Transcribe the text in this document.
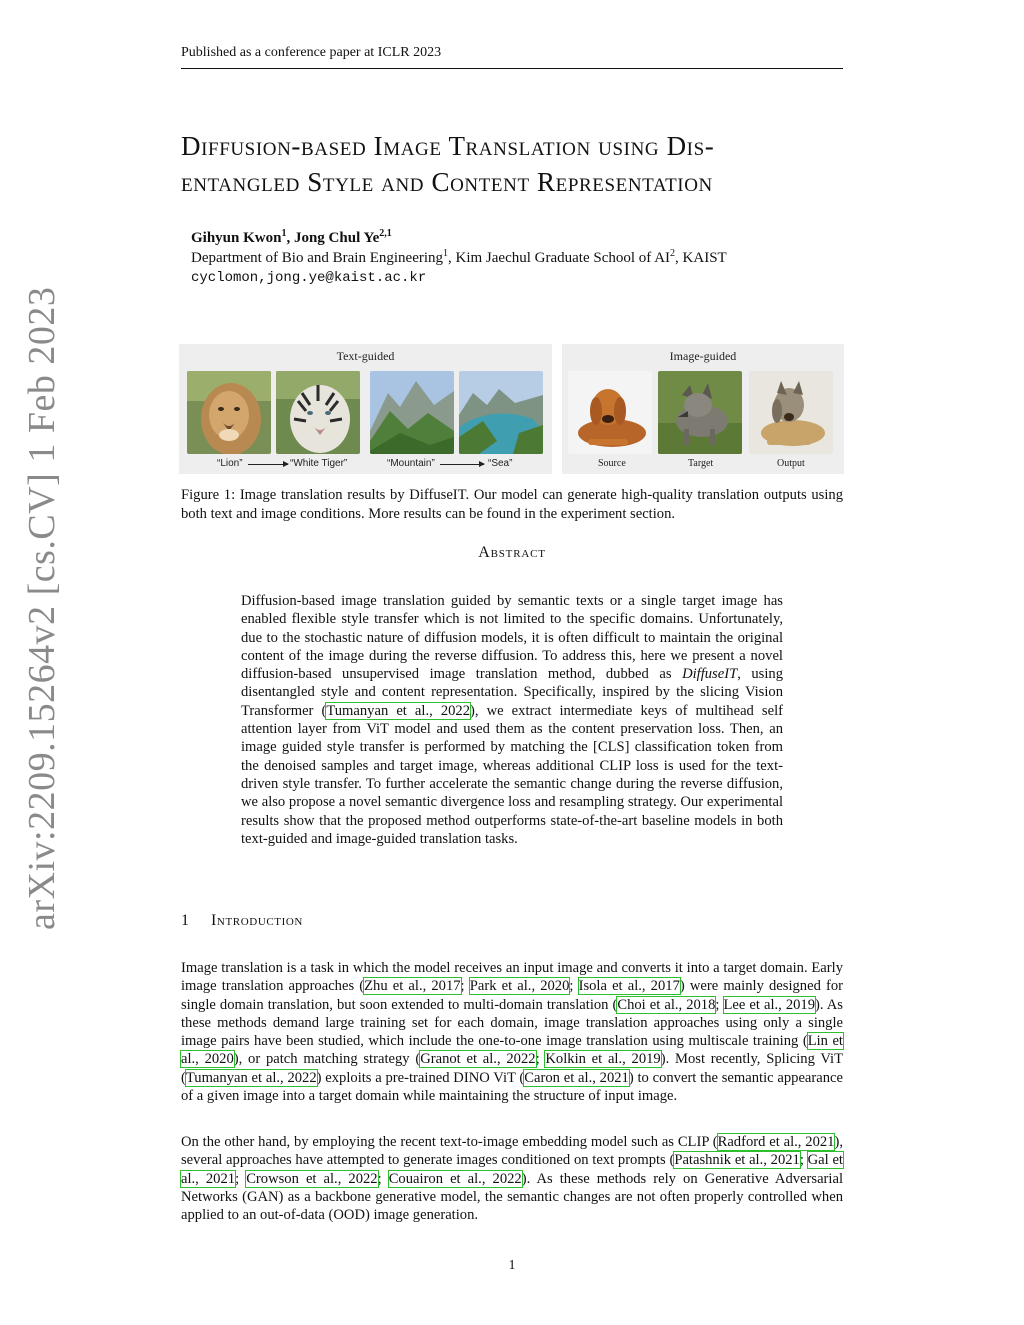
Published as a conference paper at ICLR 2023
arXiv:2209.15264v2 [cs.CV] 1 Feb 2023
Diffusion-based Image Translation using Dis-
entangled Style and Content Representation
Gihyun Kwon$^1$, Jong Chul Ye$^{2,1}$
Department of Bio and Brain Engineering$^1$, Kim Jaechul Graduate School of $AI^2$, KAIST
cyclomon,jong.ye@kaist.ac.kr
Text-guided
“Lion”	“White Tiger”	“Mountain”	“Sea”
Image-guided
Source	Target	Output
Figure 1: Image translation results by DiffuseIT. Our model can generate high-quality translation outputs using both text and image conditions. More results can be found in the experiment section.
Abstract
Diffusion-based image translation guided by semantic texts or a single target image has enabled flexible style transfer which is not limited to the specific domains. Unfortunately, due to the stochastic nature of diffusion models, it is often difficult to maintain the original content of the image during the reverse diffusion. To address this, here we present a novel diffusion-based unsupervised image translation method, dubbed as DiffuseIT, using disentangled style and content representation. Specifically, inspired by the slicing Vision Transformer (Tumanyan et al., 2022), we extract intermediate keys of multihead self attention layer from ViT model and used them as the content preservation loss. Then, an image guided style transfer is performed by matching the [CLS] classification token from the denoised samples and target image, whereas additional CLIP loss is used for the text-driven style transfer. To further accelerate the semantic change during the reverse diffusion, we also propose a novel semantic divergence loss and resampling strategy. Our experimental results show that the proposed method outperforms state-of-the-art baseline models in both text-guided and image-guided translation tasks.
1 Introduction
Image translation is a task in which the model receives an input image and converts it into a target domain. Early image translation approaches (Zhu et al., 2017; Park et al., 2020; Isola et al., 2017) were mainly designed for single domain translation, but soon extended to multi-domain translation (Choi et al., 2018; Lee et al., 2019). As these methods demand large training set for each domain, image translation approaches using only a single image pairs have been studied, which include the one-to-one image translation using multiscale training (Lin et al., 2020), or patch matching strategy (Granot et al., 2022; Kolkin et al., 2019). Most recently, Splicing ViT (Tumanyan et al., 2022) exploits a pre-trained DINO ViT (Caron et al., 2021) to convert the semantic appearance of a given image into a target domain while maintaining the structure of input image.
On the other hand, by employing the recent text-to-image embedding model such as CLIP (Radford et al., 2021), several approaches have attempted to generate images conditioned on text prompts (Patashnik et al., 2021; Gal et al., 2021; Crowson et al., 2022; Couairon et al., 2022). As these methods rely on Generative Adversarial Networks (GAN) as a backbone generative model, the semantic changes are not often properly controlled when applied to an out-of-data (OOD) image generation.
1
